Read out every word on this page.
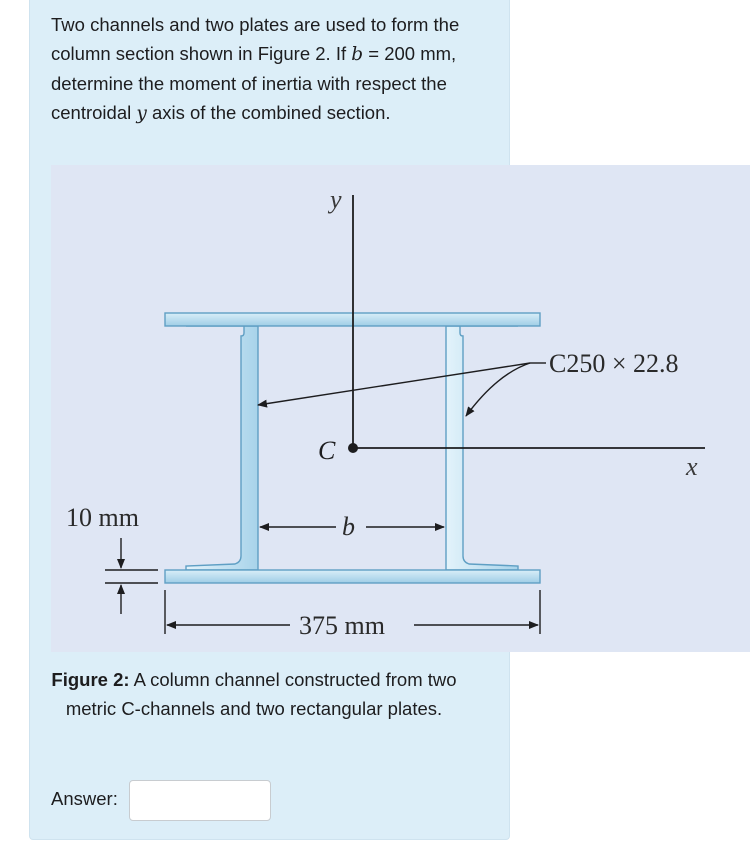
Two channels and two plates are used to form the column section shown in Figure 2. If b = 200 mm, determine the moment of inertia with respect the centroidal y axis of the combined section.

y
x
C
C250 × 22.8
b
10 mm
375 mm

Figure 2: A column channel constructed from two metric C-channels and two rectangular plates.

Answer:
